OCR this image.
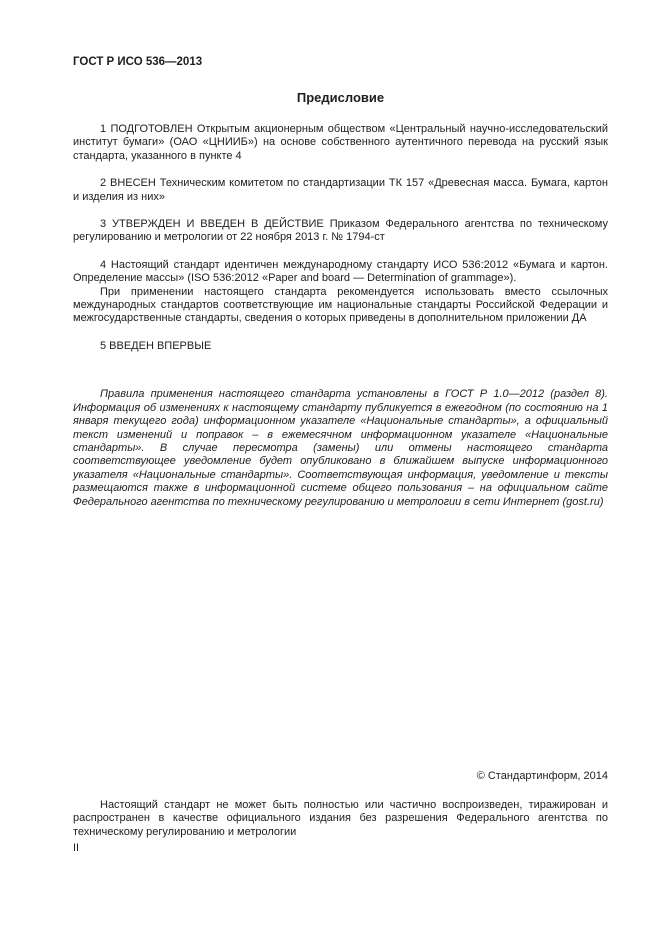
ГОСТ Р ИСО 536—2013
Предисловие

1 ПОДГОТОВЛЕН Открытым акционерным обществом «Центральный научно-исследовательский институт бумаги» (ОАО «ЦНИИБ») на основе собственного аутентичного перевода на русский язык стандарта, указанного в пункте 4

2 ВНЕСЕН Техническим комитетом по стандартизации ТК 157 «Древесная масса. Бумага, картон и изделия из них»

3 УТВЕРЖДЕН И ВВЕДЕН В ДЕЙСТВИЕ Приказом Федерального агентства по техническому регулированию и метрологии от 22 ноября 2013 г. № 1794-ст

4 Настоящий стандарт идентичен международному стандарту ИСО 536:2012 «Бумага и картон. Определение массы» (ISO 536:2012 «Paper and board — Determination of grammage»).

При применении настоящего стандарта рекомендуется использовать вместо ссылочных международных стандартов соответствующие им национальные стандарты Российской Федерации и межгосударственные стандарты, сведения о которых приведены в дополнительном приложении ДА

5 ВВЕДЕН ВПЕРВЫЕ

Правила применения настоящего стандарта установлены в ГОСТ Р 1.0—2012 (раздел 8). Информация об изменениях к настоящему стандарту публикуется в ежегодном (по состоянию на 1 января текущего года) информационном указателе «Национальные стандарты», а официальный текст изменений и поправок – в ежемесячном информационном указателе «Национальные стандарты». В случае пересмотра (замены) или отмены настоящего стандарта соответствующее уведомление будет опубликовано в ближайшем выпуске информационного указателя «Национальные стандарты». Соответствующая информация, уведомление и тексты размещаются также в информационной системе общего пользования – на официальном сайте Федерального агентства по техническому регулированию и метрологии в сети Интернет (gost.ru)

© Стандартинформ, 2014

Настоящий стандарт не может быть полностью или частично воспроизведен, тиражирован и распространен в качестве официального издания без разрешения Федерального агентства по техническому регулированию и метрологии

II
